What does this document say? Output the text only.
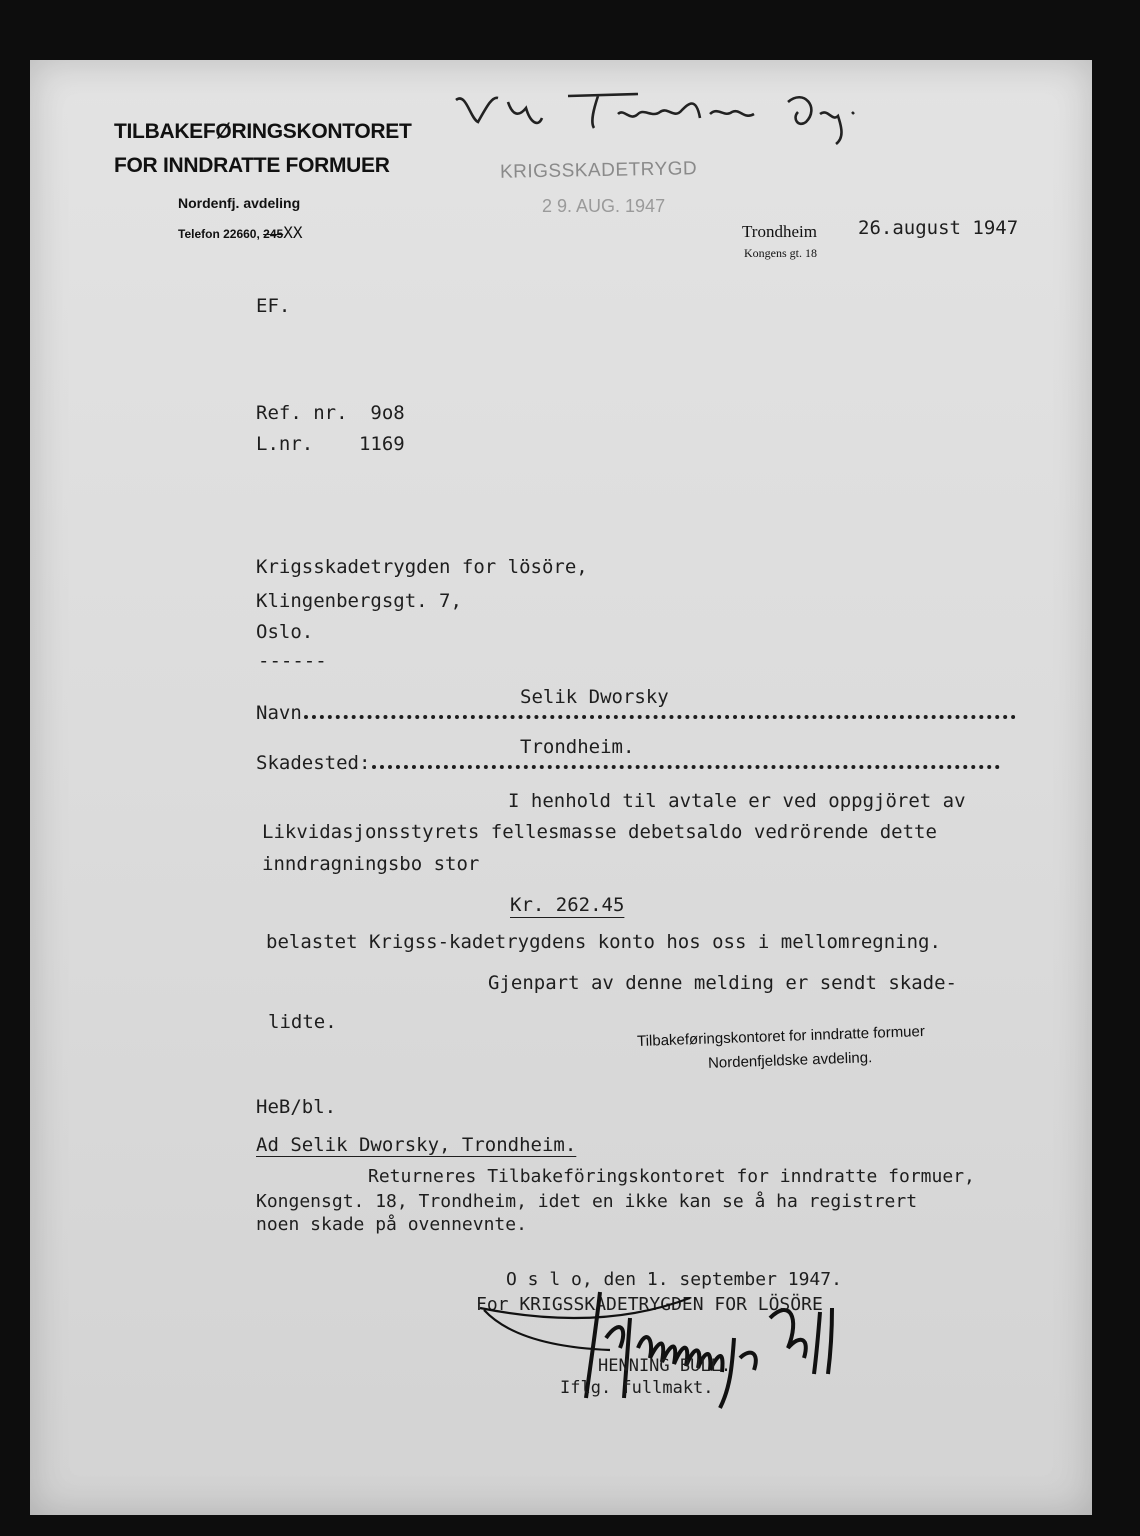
TILBAKEFØRINGSKONTORET
FOR INNDRATTE FORMUER
Nordenfj. avdeling
Telefon 22660, 245XX
KRIGSSKADETRYGD
2 9. AUG. 1947
Trondheim
Kongens gt. 18
26.august 1947
EF.
Ref. nr.  9o8
L.nr.    1169
Krigsskadetrygden for lösöre,
Klingenbergsgt. 7,
Oslo.
------
Selik Dworsky
Navn
Trondheim.
Skadested:
I henhold til avtale er ved oppgjöret av
Likvidasjonsstyrets fellesmasse debetsaldo vedrörende dette
inndragningsbo stor
Kr. 262.45
belastet Krigss-kadetrygdens konto hos oss i mellomregning.
Gjenpart av denne melding er sendt skade-
lidte.
Tilbakeføringskontoret for inndratte formuer
Nordenfjeldske avdeling.
HeB/bl.
Ad Selik Dworsky, Trondheim.
Returneres Tilbakeföringskontoret for inndratte formuer,
Kongensgt. 18, Trondheim, idet en ikke kan se å ha registrert
noen skade på ovennevnte.
O s l o, den 1. september 1947.
For KRIGSSKADETRYGDEN FOR LÖSÖRE
HENNING BULL.
Iflg. fullmakt.
